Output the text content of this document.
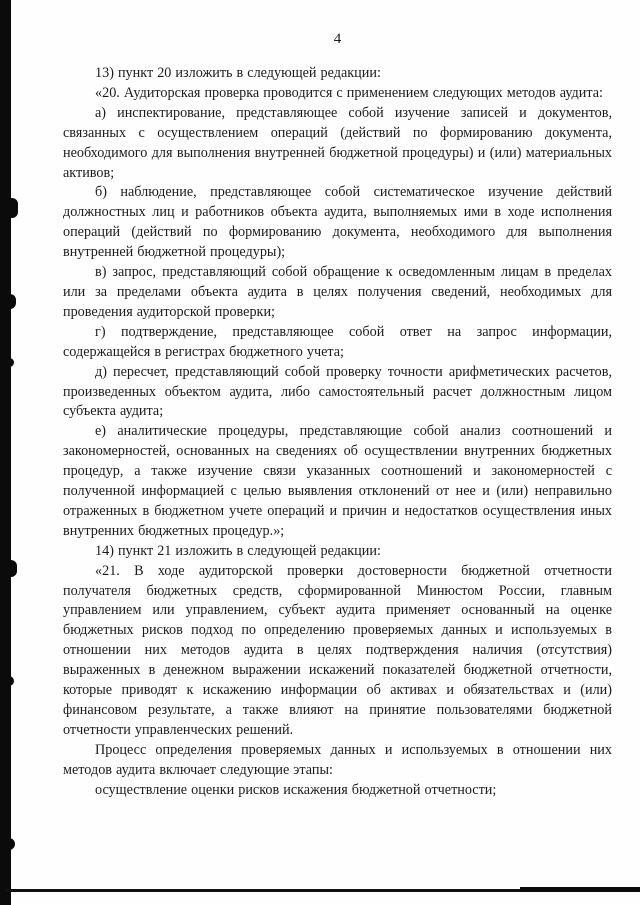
4

13) пункт 20 изложить в следующей редакции:

«20. Аудиторская проверка проводится с применением следующих методов аудита:

а) инспектирование, представляющее собой изучение записей и документов, связанных с осуществлением операций (действий по формированию документа, необходимого для выполнения внутренней бюджетной процедуры) и (или) материальных активов;

б) наблюдение, представляющее собой систематическое изучение действий должностных лиц и работников объекта аудита, выполняемых ими в ходе исполнения операций (действий по формированию документа, необходимого для выполнения внутренней бюджетной процедуры);

в) запрос, представляющий собой обращение к осведомленным лицам в пределах или за пределами объекта аудита в целях получения сведений, необходимых для проведения аудиторской проверки;

г) подтверждение, представляющее собой ответ на запрос информации, содержащейся в регистрах бюджетного учета;

д) пересчет, представляющий собой проверку точности арифметических расчетов, произведенных объектом аудита, либо самостоятельный расчет должностным лицом субъекта аудита;

е) аналитические процедуры, представляющие собой анализ соотношений и закономерностей, основанных на сведениях об осуществлении внутренних бюджетных процедур, а также изучение связи указанных соотношений и закономерностей с полученной информацией с целью выявления отклонений от нее и (или) неправильно отраженных в бюджетном учете операций и причин и недостатков осуществления иных внутренних бюджетных процедур.»;

14) пункт 21 изложить в следующей редакции:

«21. В ходе аудиторской проверки достоверности бюджетной отчетности получателя бюджетных средств, сформированной Минюстом России, главным управлением или управлением, субъект аудита применяет основанный на оценке бюджетных рисков подход по определению проверяемых данных и используемых в отношении них методов аудита в целях подтверждения наличия (отсутствия) выраженных в денежном выражении искажений показателей бюджетной отчетности, которые приводят к искажению информации об активах и обязательствах и (или) финансовом результате, а также влияют на принятие пользователями бюджетной отчетности управленческих решений.

Процесс определения проверяемых данных и используемых в отношении них методов аудита включает следующие этапы:

осуществление оценки рисков искажения бюджетной отчетности;
